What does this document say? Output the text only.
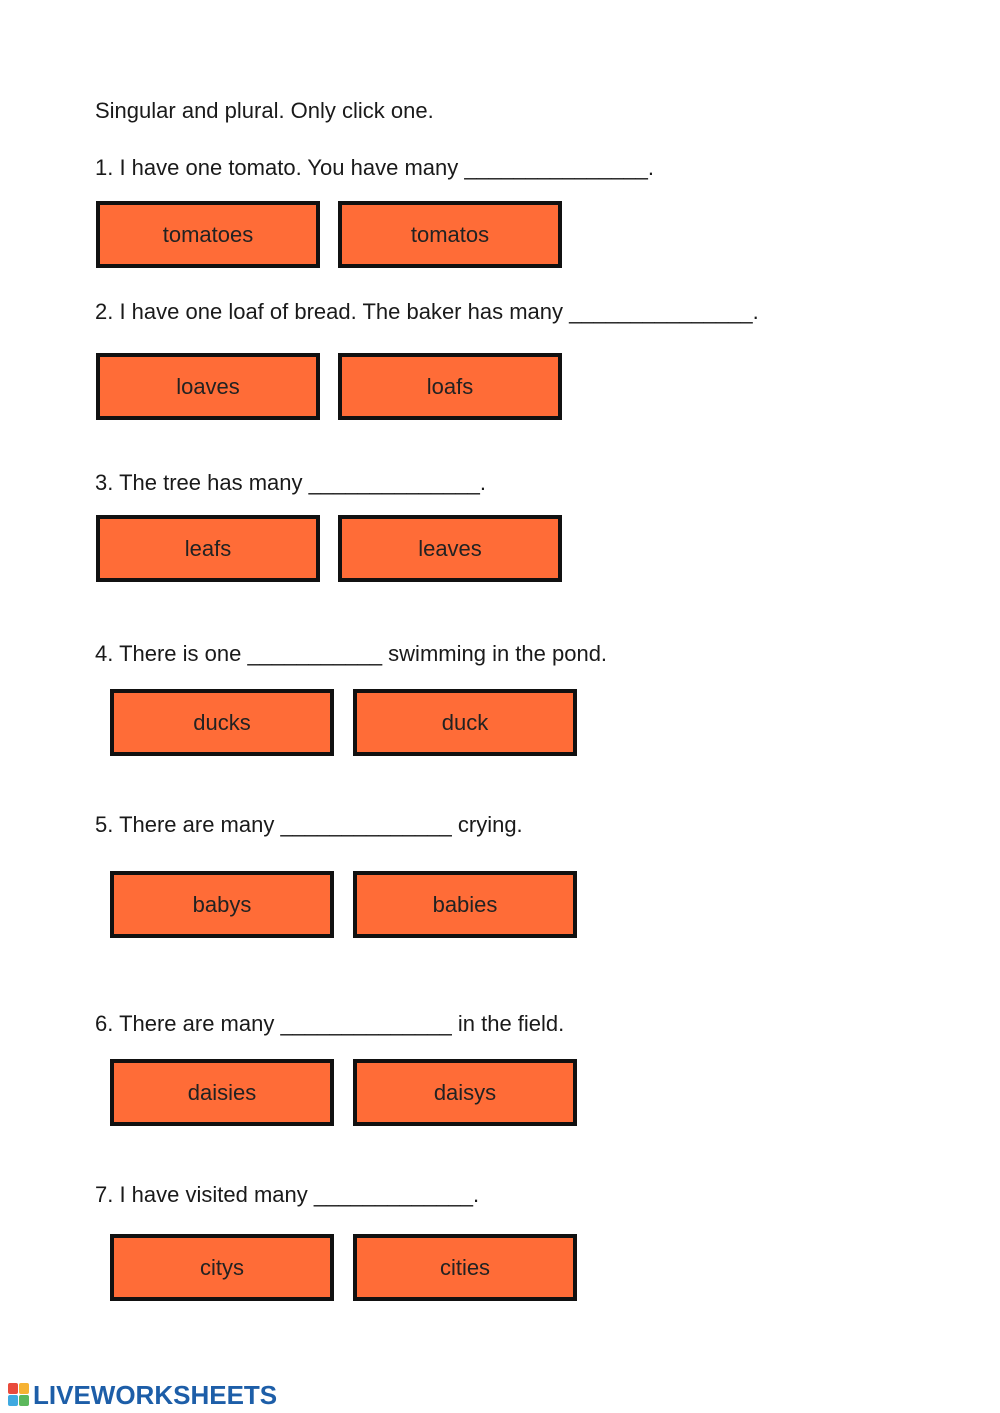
Singular and plural. Only click one.
1. I have one tomato. You have many _______________.
tomatoes	tomatos
2. I have one loaf of bread. The baker has many _______________.
loaves	loafs
3. The tree has many ______________.
leafs	leaves
4. There is one ___________ swimming in the pond.
ducks	duck
5. There are many ______________ crying.
babys	babies
6. There are many ______________ in the field.
daisies	daisys
7. I have visited many _____________.
citys	cities
LIVEWORKSHEETS
